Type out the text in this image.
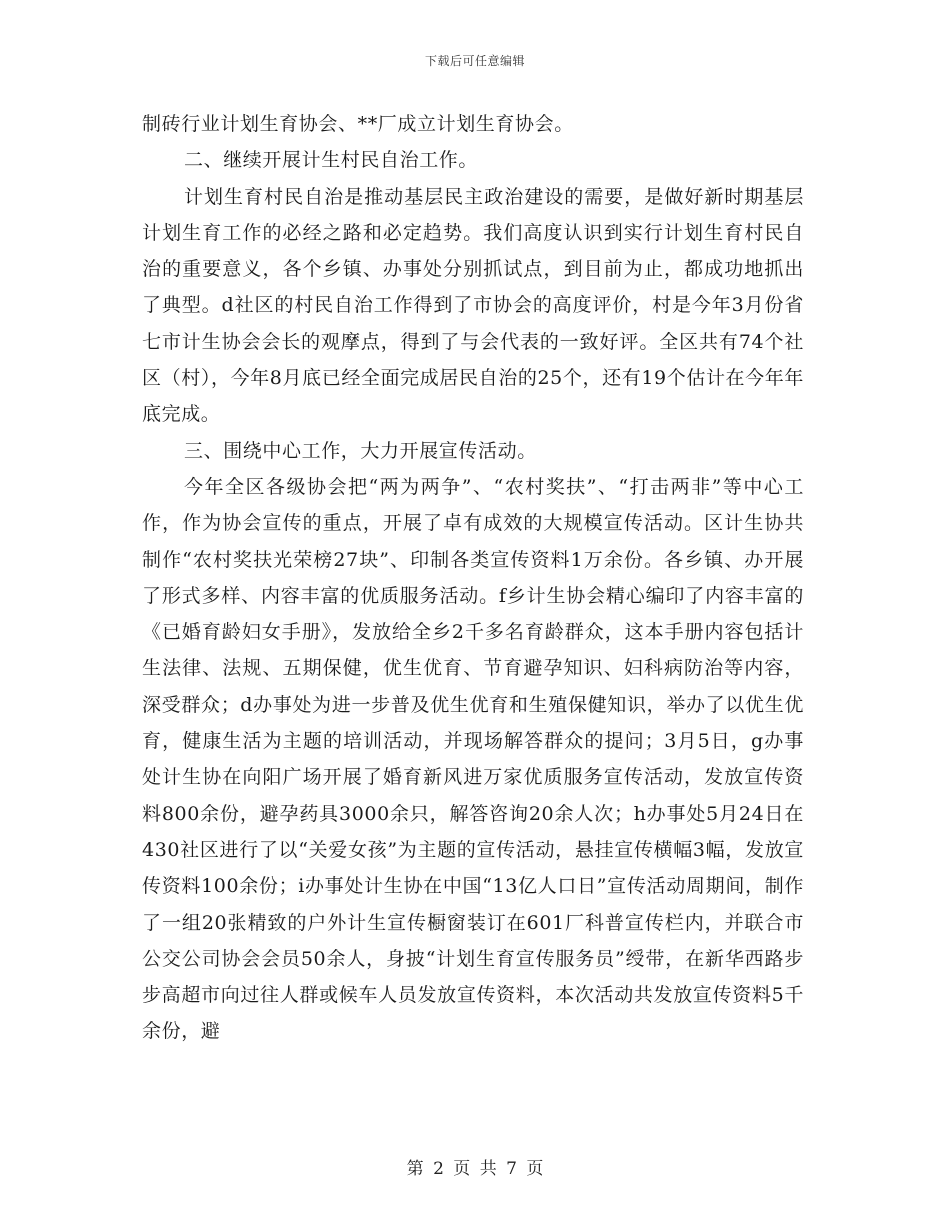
下载后可任意编辑

制砖行业计划生育协会、**厂成立计划生育协会。

二、继续开展计生村民自治工作。

计划生育村民自治是推动基层民主政治建设的需要，是做好新时期基层计划生育工作的必经之路和必定趋势。我们高度认识到实行计划生育村民自治的重要意义，各个乡镇、办事处分别抓试点，到目前为止，都成功地抓出了典型。d社区的村民自治工作得到了市协会的高度评价，村是今年3月份省七市计生协会会长的观摩点，得到了与会代表的一致好评。全区共有74个社区（村），今年8月底已经全面完成居民自治的25个，还有19个估计在今年年底完成。

三、围绕中心工作，大力开展宣传活动。

今年全区各级协会把“两为两争”、“农村奖扶”、“打击两非”等中心工作，作为协会宣传的重点，开展了卓有成效的大规模宣传活动。区计生协共制作“农村奖扶光荣榜27块”、印制各类宣传资料1万余份。各乡镇、办开展了形式多样、内容丰富的优质服务活动。f乡计生协会精心编印了内容丰富的《已婚育龄妇女手册》，发放给全乡2千多名育龄群众，这本手册内容包括计生法律、法规、五期保健，优生优育、节育避孕知识、妇科病防治等内容，深受群众；d办事处为进一步普及优生优育和生殖保健知识，举办了以优生优育，健康生活为主题的培训活动，并现场解答群众的提问；3月5日，g办事处计生协在向阳广场开展了婚育新风进万家优质服务宣传活动，发放宣传资料800余份，避孕药具3000余只，解答咨询20余人次；h办事处5月24日在430社区进行了以“关爱女孩”为主题的宣传活动，悬挂宣传横幅3幅，发放宣传资料100余份；i办事处计生协在中国“13亿人口日”宣传活动周期间，制作了一组20张精致的户外计生宣传橱窗装订在601厂科普宣传栏内，并联合市公交公司协会会员50余人，身披“计划生育宣传服务员”绶带，在新华西路步步高超市向过往人群或候车人员发放宣传资料，本次活动共发放宣传资料5千余份，避

第 2 页 共 7 页
